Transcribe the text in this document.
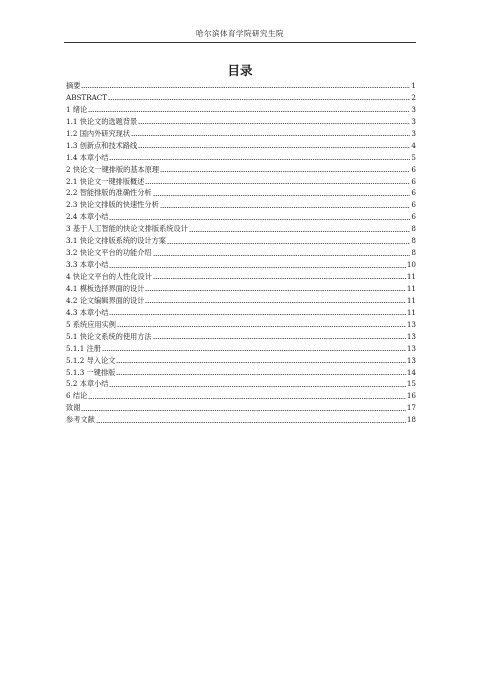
哈尔滨体育学院研究生院
目录
摘要	1
ABSTRACT	2
1 绪论	3
1.1 快论文的选题背景	3
1.2 国内外研究现状	3
1.3 创新点和技术路线	4
1.4 本章小结	5
2 快论文一键排版的基本原理	6
2.1 快论文一键排版概述	6
2.2 智能排版的准确性分析	6
2.3 快论文排版的快速性分析	6
2.4 本章小结	6
3 基于人工智能的快论文排版系统设计	8
3.1 快论文排版系统的设计方案	8
3.2 快论文平台的功能介绍	8
3.3 本章小结	10
4 快论文平台的人性化设计	11
4.1 模板选择界面的设计	11
4.2 论文编辑界面的设计	11
4.3 本章小结	11
5 系统应用实例	13
5.1 快论文系统的使用方法	13
5.1.1 注册	13
5.1.2 导入论文	13
5.1.3 一键排版	14
5.2 本章小结	15
6 结论	16
致谢	17
参考文献	18
